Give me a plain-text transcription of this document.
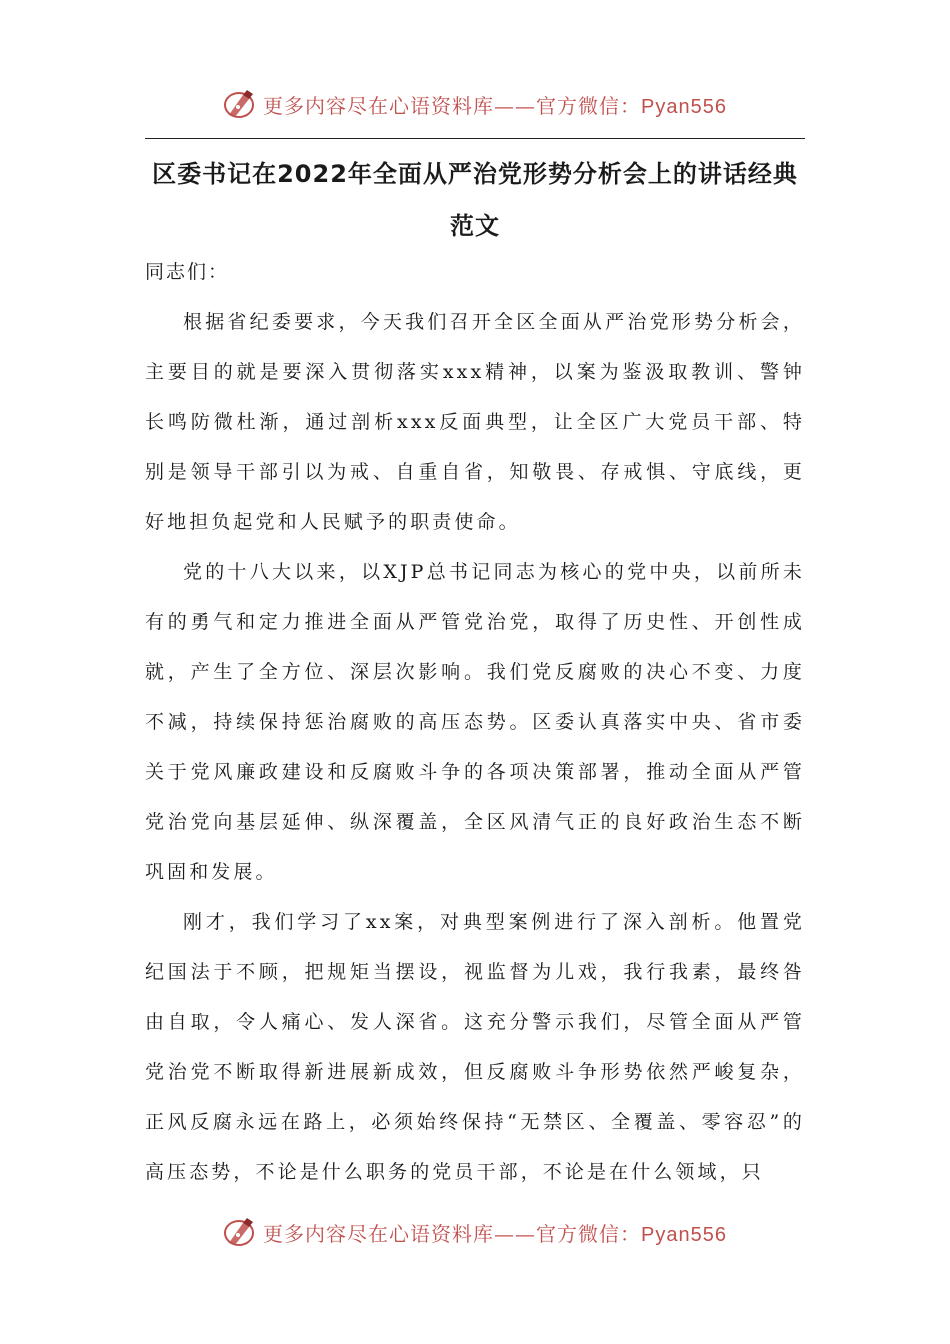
更多内容尽在心语资料库——官方微信：Pyan556
区委书记在2022年全面从严治党形势分析会上的讲话经典
范文
同志们：

根据省纪委要求，今天我们召开全区全面从严治党形势分析会，主要目的就是要深入贯彻落实xxx精神，以案为鉴汲取教训、警钟长鸣防微杜渐，通过剖析xxx反面典型，让全区广大党员干部、特别是领导干部引以为戒、自重自省，知敬畏、存戒惧、守底线，更好地担负起党和人民赋予的职责使命。

党的十八大以来，以XJP总书记同志为核心的党中央，以前所未有的勇气和定力推进全面从严管党治党，取得了历史性、开创性成就，产生了全方位、深层次影响。我们党反腐败的决心不变、力度不减，持续保持惩治腐败的高压态势。区委认真落实中央、省市委关于党风廉政建设和反腐败斗争的各项决策部署，推动全面从严管党治党向基层延伸、纵深覆盖，全区风清气正的良好政治生态不断巩固和发展。

刚才，我们学习了xx案，对典型案例进行了深入剖析。他置党纪国法于不顾，把规矩当摆设，视监督为儿戏，我行我素，最终咎由自取，令人痛心、发人深省。这充分警示我们，尽管全面从严管党治党不断取得新进展新成效，但反腐败斗争形势依然严峻复杂，正风反腐永远在路上，必须始终保持“无禁区、全覆盖、零容忍”的高压态势，不论是什么职务的党员干部，不论是在什么领域，只

更多内容尽在心语资料库——官方微信：Pyan556
